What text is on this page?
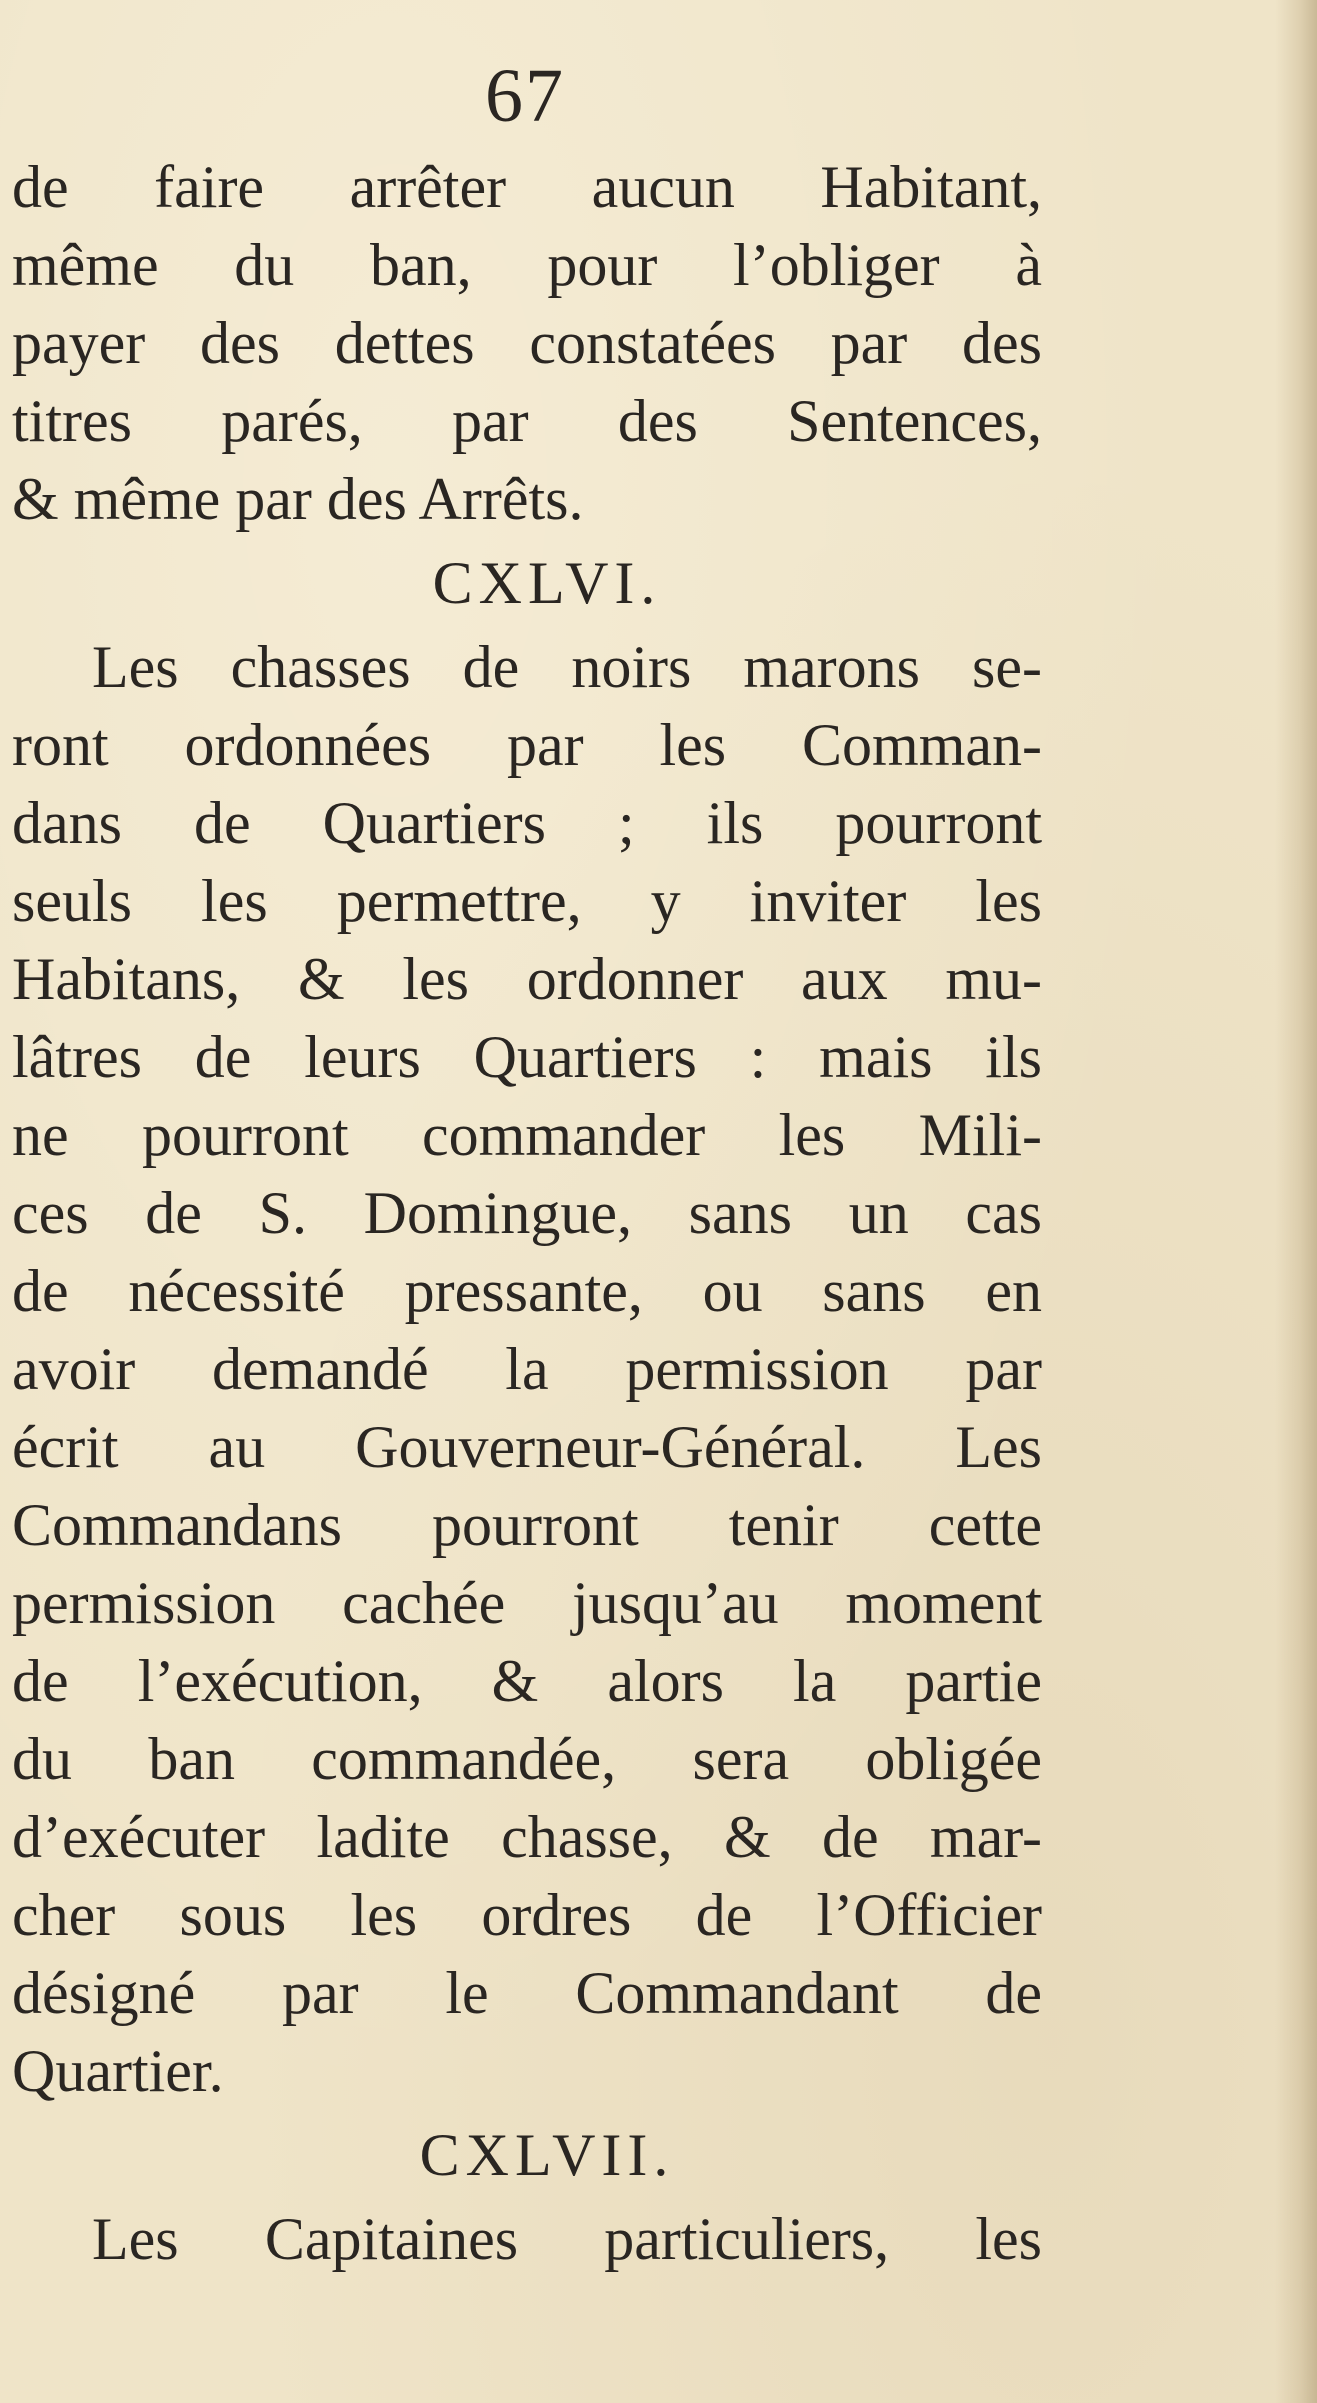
67
de faire arrêter aucun Habitant,
même du ban, pour l’obliger à
payer des dettes constatées par des
titres parés, par des Sentences,
& même par des Arrêts.
CXLVI.
Les chasses de noirs marons se-
ront ordonnées par les Comman-
dans de Quartiers ; ils pourront
seuls les permettre, y inviter les
Habitans, & les ordonner aux mu-
lâtres de leurs Quartiers : mais ils
ne pourront commander les Mili-
ces de S. Domingue, sans un cas
de nécessité pressante, ou sans en
avoir demandé la permission par
écrit au Gouverneur-Général. Les
Commandans pourront tenir cette
permission cachée jusqu’au moment
de l’exécution, & alors la partie
du ban commandée, sera obligée
d’exécuter ladite chasse, & de mar-
cher sous les ordres de l’Officier
désigné par le Commandant de
Quartier.
CXLVII.
Les Capitaines particuliers, les
